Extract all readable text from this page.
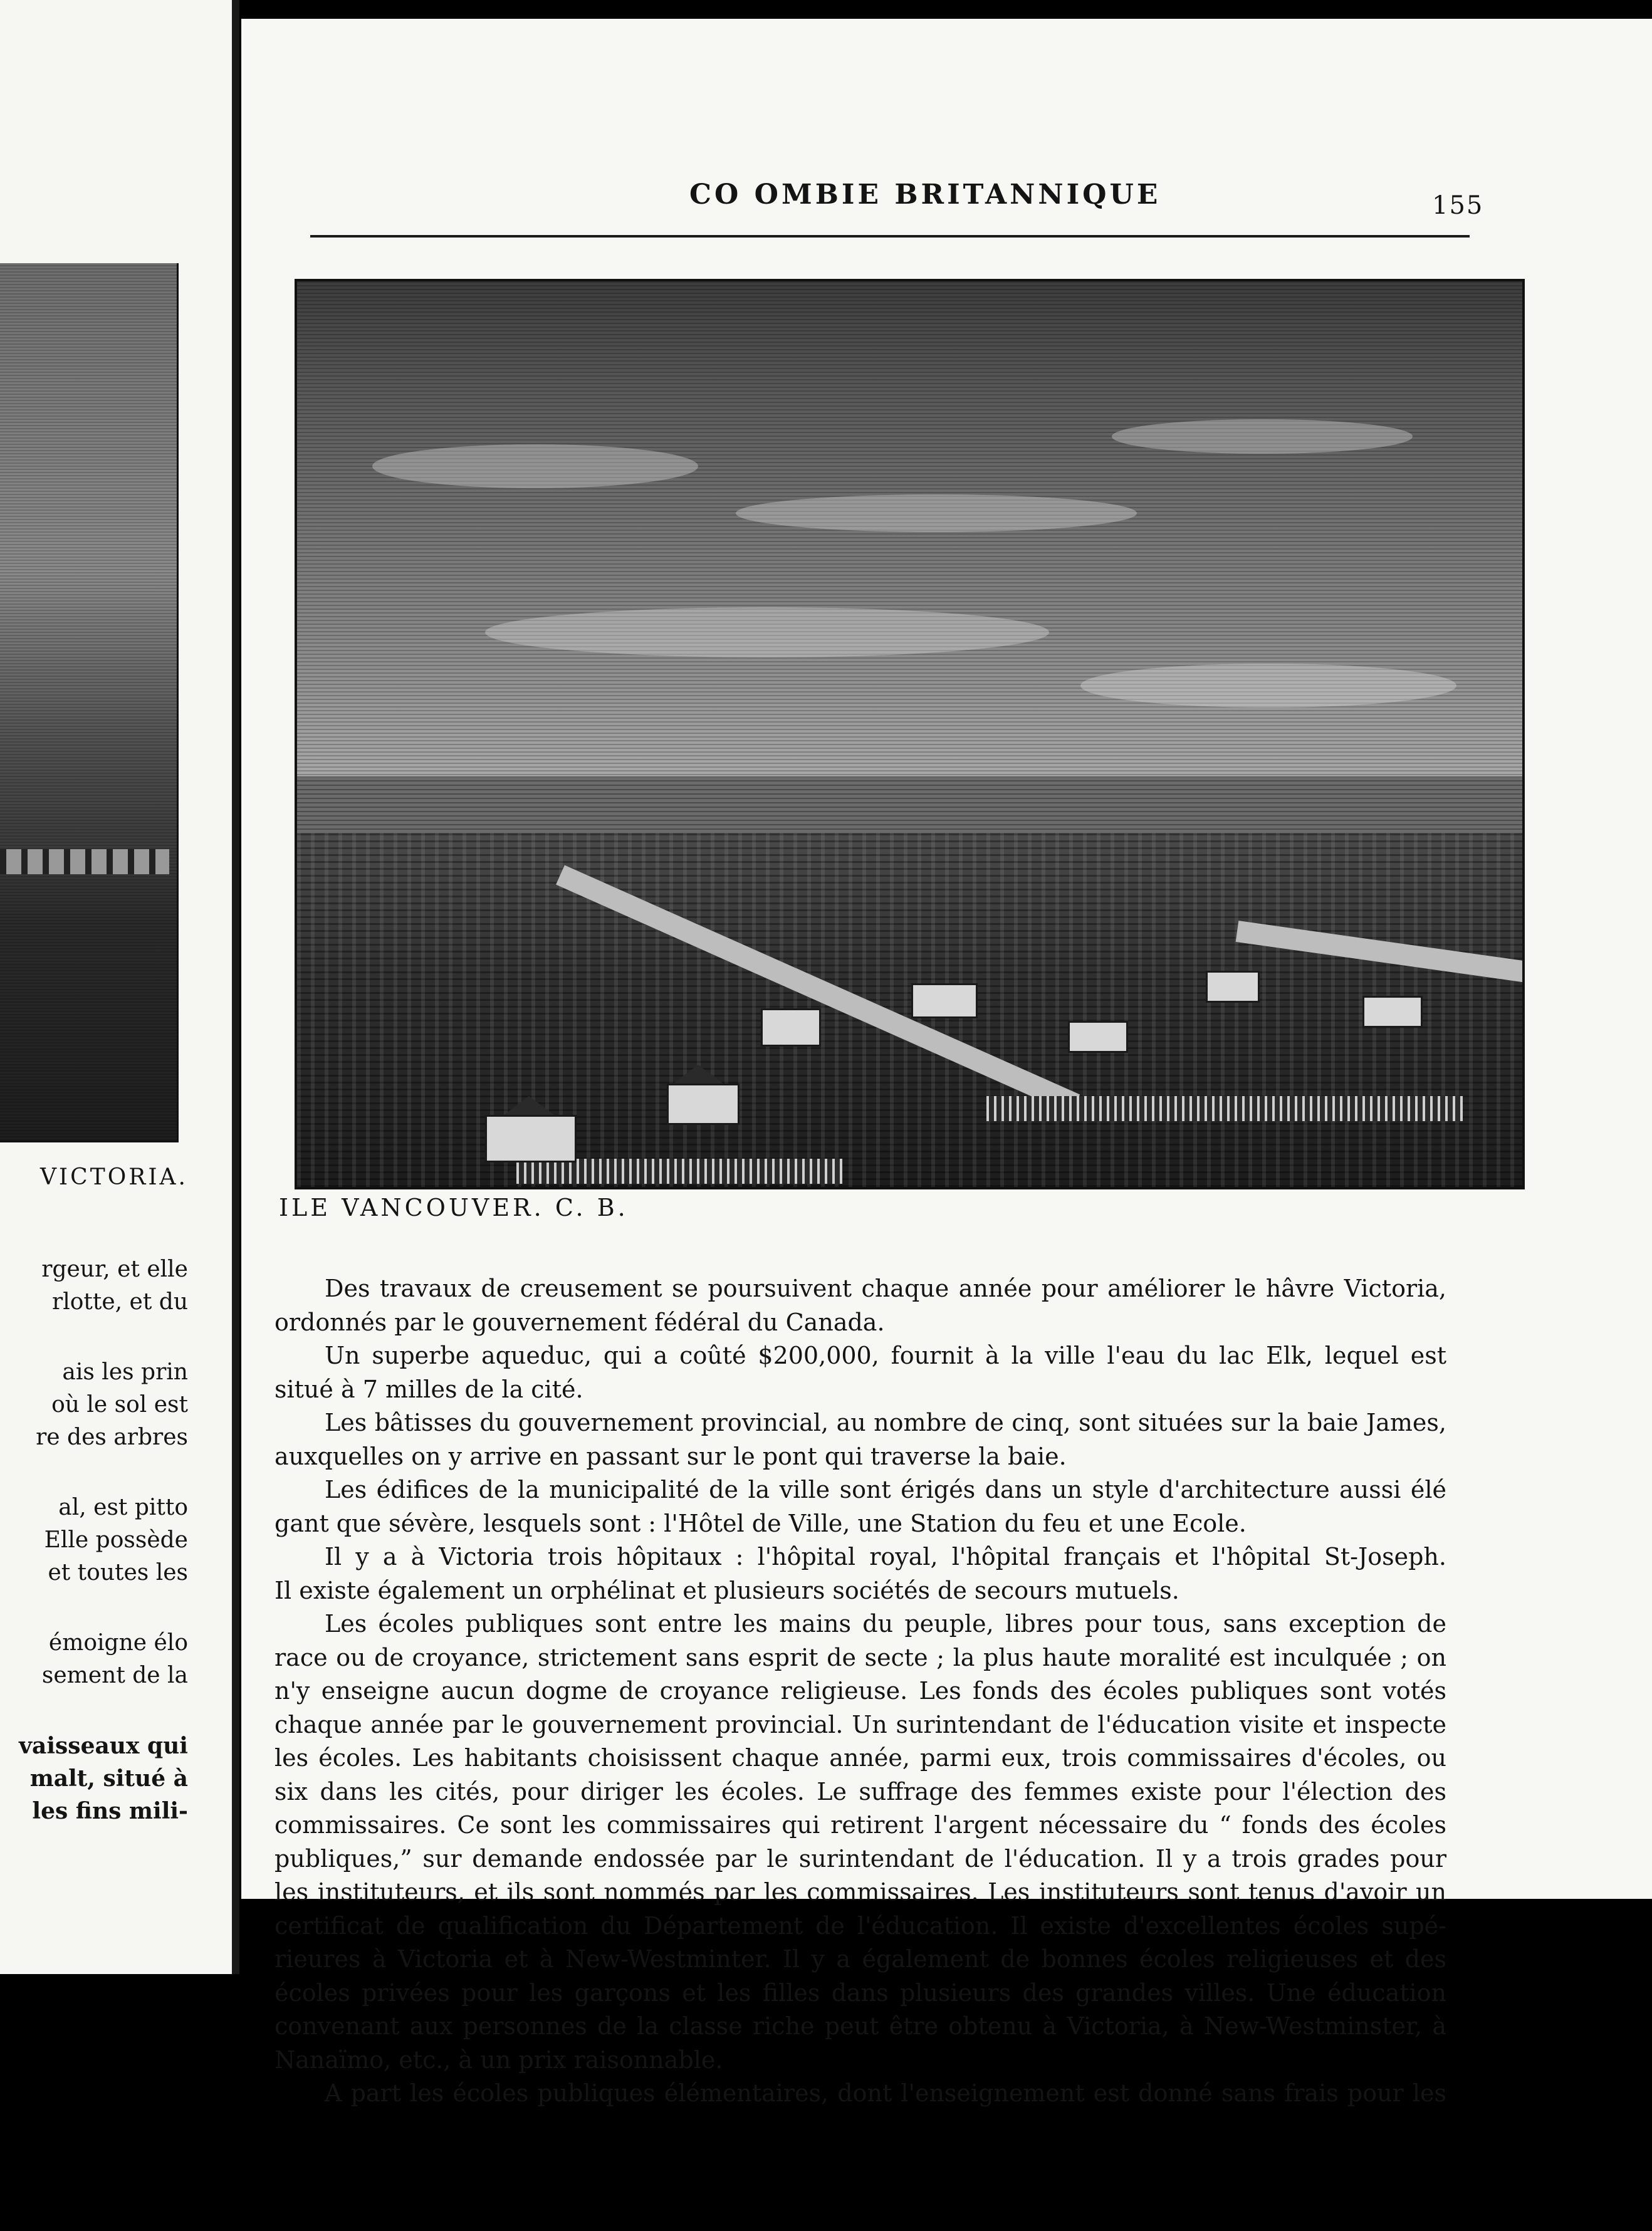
VICTORIA.
rgeur, et elle
rlotte, et du
ais les prin
où le sol est
re des arbres
al, est pitto
Elle possède
et toutes les
émoigne élo
sement de la
vaisseaux qui
malt, situé à
les fins mili-
CO OMBIE BRITANNIQUE	155
ILE VANCOUVER. C. B.
Des travaux de creusement se poursuivent chaque année pour améliorer le hâvre Victoria,
ordonnés par le gouvernement fédéral du Canada.
Un superbe aqueduc, qui a coûté $200,000, fournit à la ville l'eau du lac Elk, lequel est
situé à 7 milles de la cité.
Les bâtisses du gouvernement provincial, au nombre de cinq, sont situées sur la baie James,
auxquelles on y arrive en passant sur le pont qui traverse la baie.
Les édifices de la municipalité de la ville sont érigés dans un style d'architecture aussi élé
gant que sévère, lesquels sont : l'Hôtel de Ville, une Station du feu et une Ecole.
Il y a à Victoria trois hôpitaux : l'hôpital royal, l'hôpital français et l'hôpital St-Joseph.
Il existe également un orphélinat et plusieurs sociétés de secours mutuels.
Les écoles publiques sont entre les mains du peuple, libres pour tous, sans exception de
race ou de croyance, strictement sans esprit de secte ; la plus haute moralité est inculquée ; on
n'y enseigne aucun dogme de croyance religieuse. Les fonds des écoles publiques sont votés
chaque année par le gouvernement provincial. Un surintendant de l'éducation visite et inspecte
les écoles. Les habitants choisissent chaque année, parmi eux, trois commissaires d'écoles, ou
six dans les cités, pour diriger les écoles. Le suffrage des femmes existe pour l'élection des
commissaires. Ce sont les commissaires qui retirent l'argent nécessaire du “ fonds des écoles
publiques,” sur demande endossée par le surintendant de l'éducation. Il y a trois grades pour
les instituteurs, et ils sont nommés par les commissaires. Les instituteurs sont tenus d'avoir un
certificat de qualification du Département de l'éducation. Il existe d'excellentes écoles supé-
rieures à Victoria et à New-Westminter. Il y a également de bonnes écoles religieuses et des
écoles privées pour les garçons et les filles dans plusieurs des grandes villes. Une éducation
convenant aux personnes de la classe riche peut être obtenu à Victoria, à New-Westminster, à
Nanaïmo, etc., à un prix raisonnable.
A part les écoles publiques élémentaires, dont l'enseignement est donné sans frais pour les
